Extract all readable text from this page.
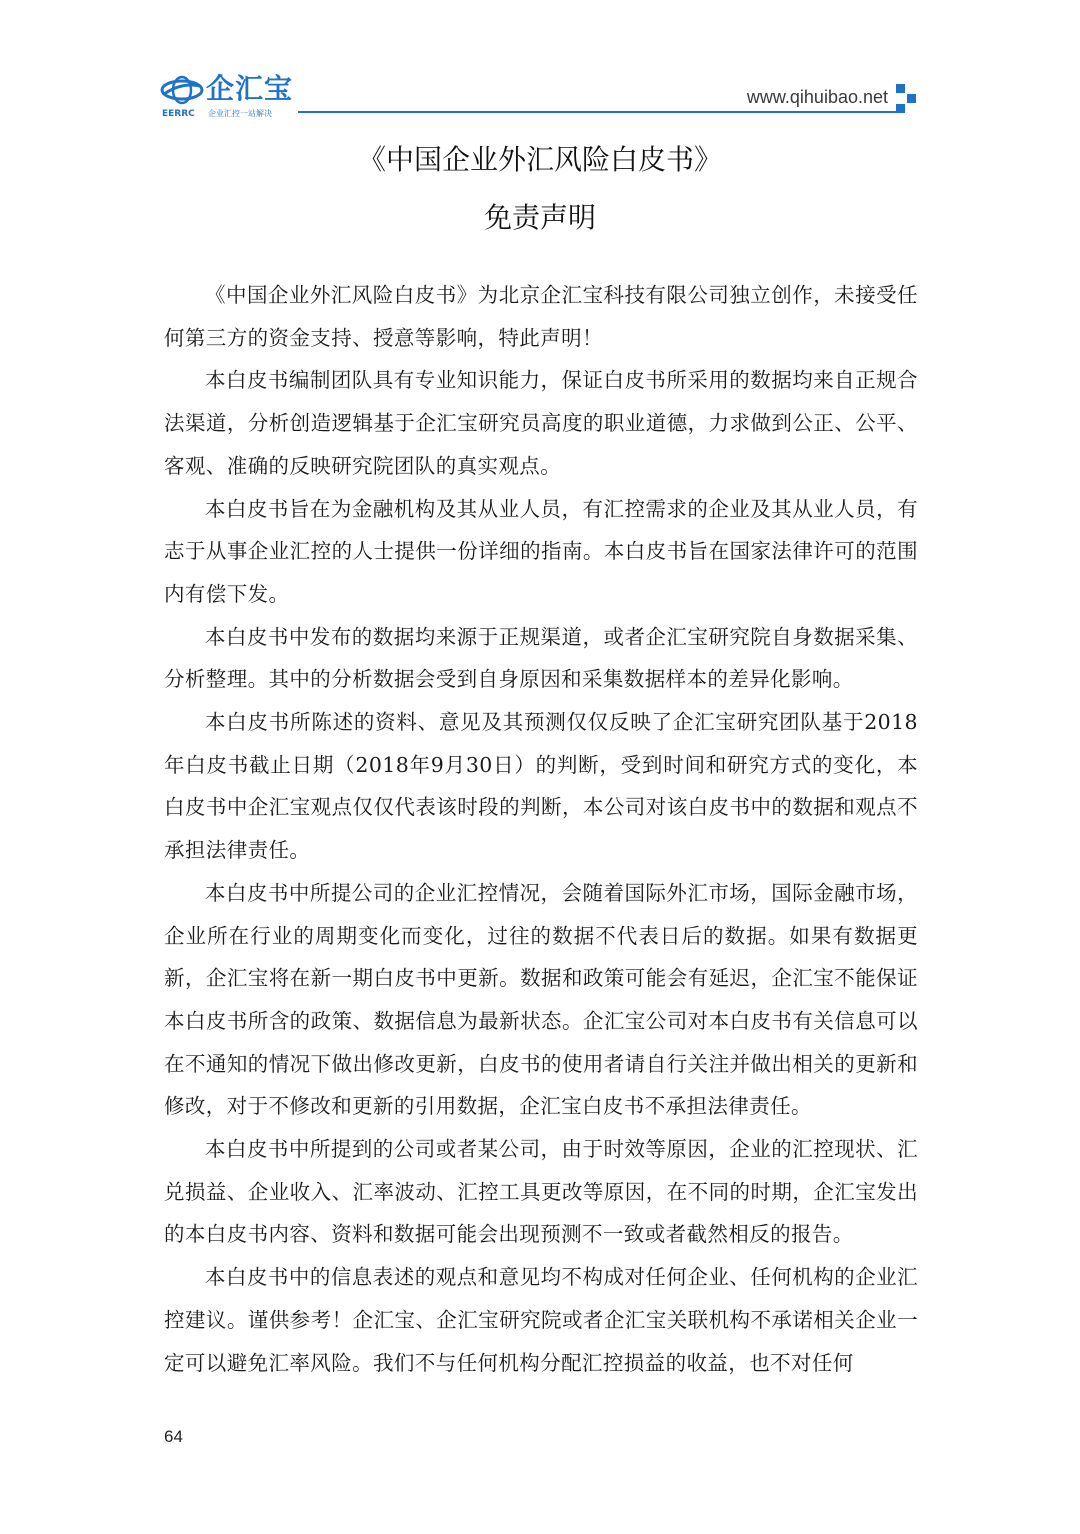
企汇宝
EERRC 企业汇控一站解决
www.qihuibao.net
《中国企业外汇风险白皮书》
免责声明

《中国企业外汇风险白皮书》为北京企汇宝科技有限公司独立创作，未接受任何第三方的资金支持、授意等影响，特此声明！

本白皮书编制团队具有专业知识能力，保证白皮书所采用的数据均来自正规合法渠道，分析创造逻辑基于企汇宝研究员高度的职业道德，力求做到公正、公平、客观、准确的反映研究院团队的真实观点。

本白皮书旨在为金融机构及其从业人员，有汇控需求的企业及其从业人员，有志于从事企业汇控的人士提供一份详细的指南。本白皮书旨在国家法律许可的范围内有偿下发。

本白皮书中发布的数据均来源于正规渠道，或者企汇宝研究院自身数据采集、分析整理。其中的分析数据会受到自身原因和采集数据样本的差异化影响。

本白皮书所陈述的资料、意见及其预测仅仅反映了企汇宝研究团队基于2018年白皮书截止日期（2018年9月30日）的判断，受到时间和研究方式的变化，本白皮书中企汇宝观点仅仅代表该时段的判断，本公司对该白皮书中的数据和观点不承担法律责任。

本白皮书中所提公司的企业汇控情况，会随着国际外汇市场，国际金融市场，企业所在行业的周期变化而变化，过往的数据不代表日后的数据。如果有数据更新，企汇宝将在新一期白皮书中更新。数据和政策可能会有延迟，企汇宝不能保证本白皮书所含的政策、数据信息为最新状态。企汇宝公司对本白皮书有关信息可以在不通知的情况下做出修改更新，白皮书的使用者请自行关注并做出相关的更新和修改，对于不修改和更新的引用数据，企汇宝白皮书不承担法律责任。

本白皮书中所提到的公司或者某公司，由于时效等原因，企业的汇控现状、汇兑损益、企业收入、汇率波动、汇控工具更改等原因，在不同的时期，企汇宝发出的本白皮书内容、资料和数据可能会出现预测不一致或者截然相反的报告。

本白皮书中的信息表述的观点和意见均不构成对任何企业、任何机构的企业汇控建议。谨供参考！企汇宝、企汇宝研究院或者企汇宝关联机构不承诺相关企业一定可以避免汇率风险。我们不与任何机构分配汇控损益的收益，也不对任何

64
